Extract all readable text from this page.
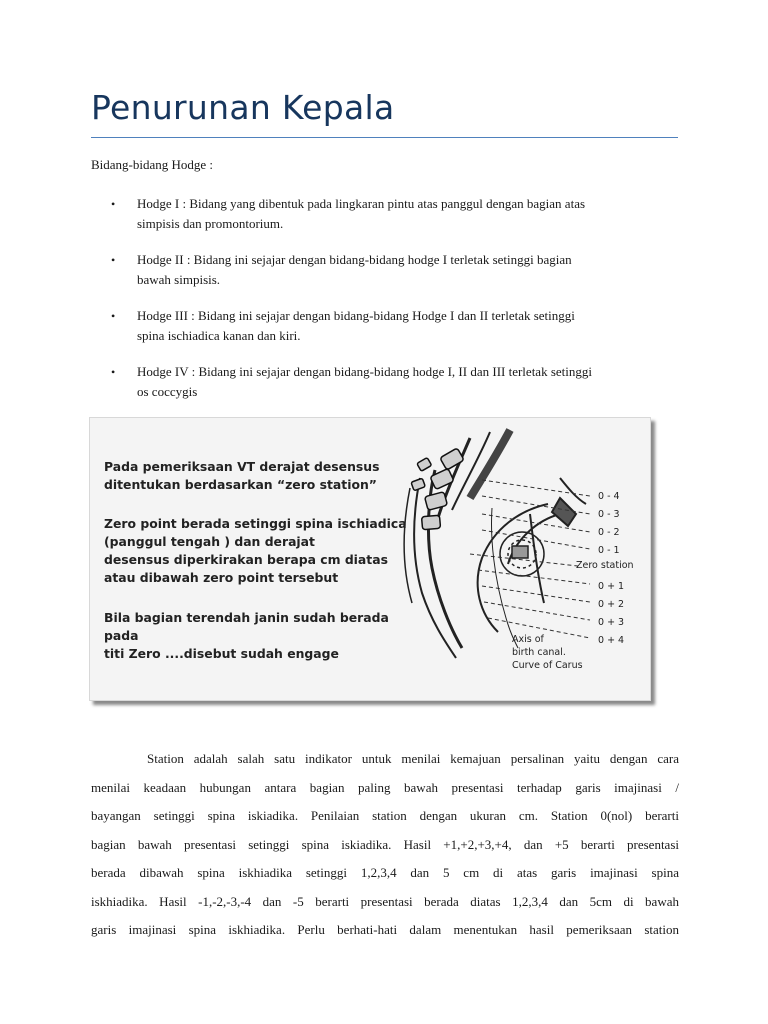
Penurunan Kepala

Bidang-bidang Hodge :

• Hodge I : Bidang yang dibentuk pada lingkaran pintu atas panggul dengan bagian atas
simpisis dan promontorium.
• Hodge II : Bidang ini sejajar dengan bidang-bidang hodge I terletak setinggi bagian
bawah simpisis.
• Hodge III : Bidang ini sejajar dengan bidang-bidang Hodge I dan II terletak setinggi
spina ischiadica kanan dan kiri.
• Hodge IV : Bidang ini sejajar dengan bidang-bidang hodge I, II dan III terletak setinggi
os coccygis

Pada pemeriksaan VT derajat desensus
ditentukan berdasarkan “zero station”

Zero point berada setinggi spina ischiadica
(panggul tengah ) dan derajat
desensus diperkirakan berapa cm diatas
atau dibawah zero point tersebut

Bila bagian terendah janin sudah berada pada
titi Zero ....disebut sudah engage

0 - 4
0 - 3
0 - 2
0 - 1
Zero station
0 + 1
0 + 2
0 + 3
0 + 4
Axis of
birth canal.
Curve of Carus

Station adalah salah satu indikator untuk menilai kemajuan persalinan yaitu dengan cara
menilai keadaan hubungan antara bagian paling bawah presentasi terhadap garis imajinasi /
bayangan setinggi spina iskiadika. Penilaian station dengan ukuran cm. Station 0(nol) berarti
bagian bawah presentasi setinggi spina iskiadika. Hasil +1,+2,+3,+4, dan +5 berarti presentasi
berada dibawah spina iskhiadika setinggi 1,2,3,4 dan 5 cm di atas garis imajinasi spina
iskhiadika. Hasil -1,-2,-3,-4 dan -5 berarti presentasi berada diatas 1,2,3,4 dan 5cm di bawah
garis imajinasi spina iskhiadika. Perlu berhati-hati dalam menentukan hasil pemeriksaan station
